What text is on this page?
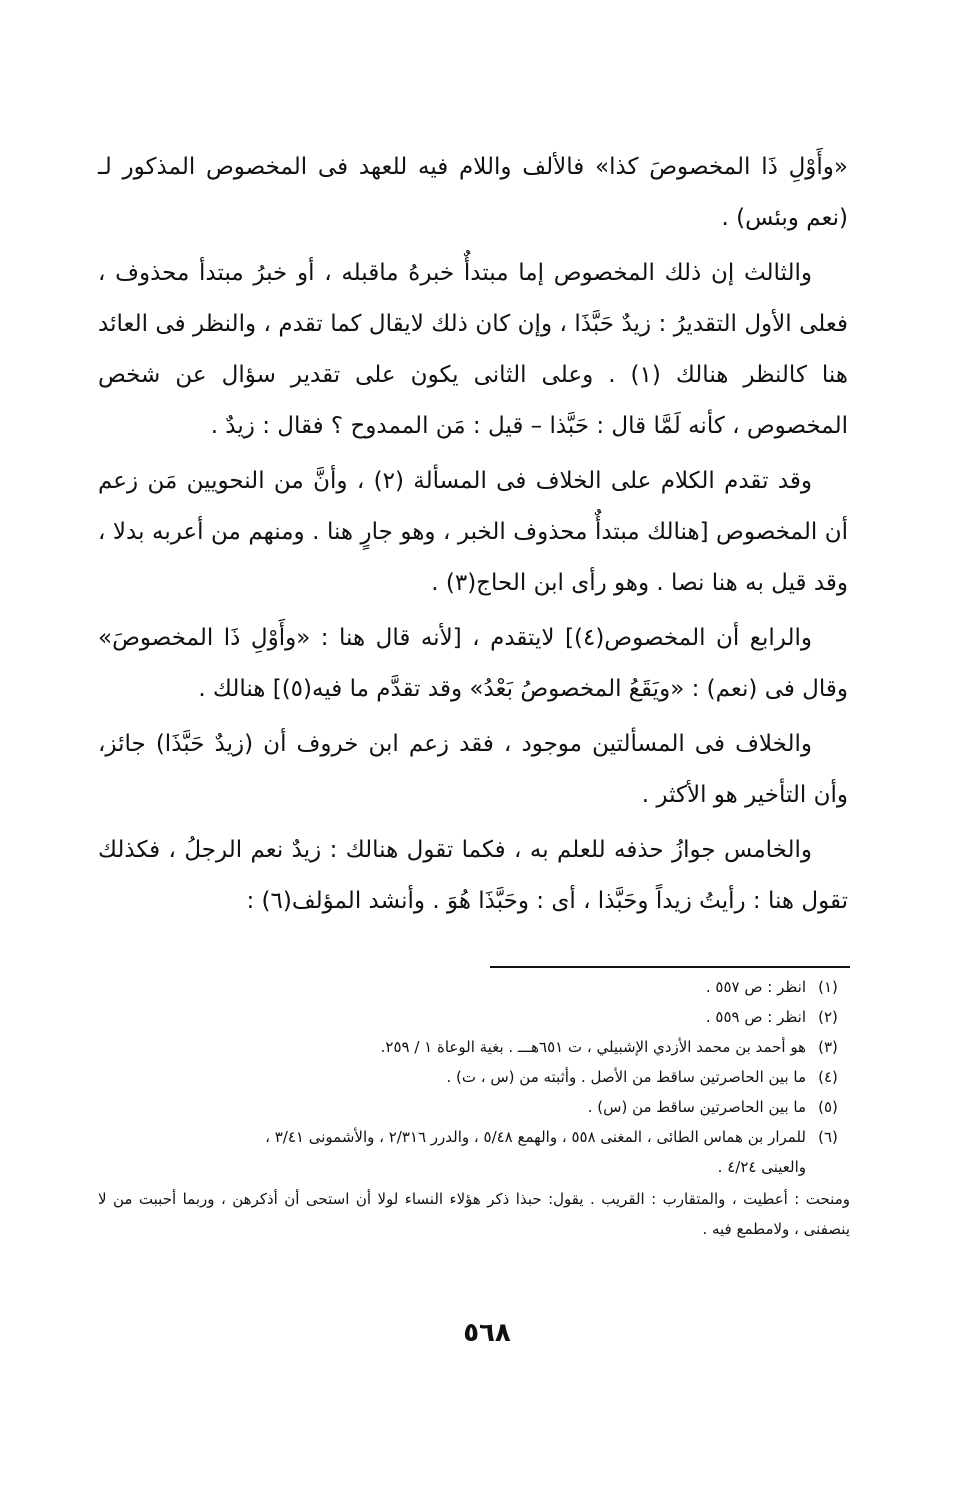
«وأَوْلِ ذَا المخصوصَ كذا» فالألف واللام فيه للعهد فى المخصوص المذكور لـ (نعم وبئس) .

والثالث إن ذلك المخصوص إما مبتدأٌ خبرهُ ماقبله ، أو خبرُ مبتدأ محذوف ، فعلى الأول التقديرُ : زيدٌ حَبَّذَا ، وإن كان ذلك لايقال كما تقدم ، والنظر فى العائد هنا كالنظر هنالك (١) . وعلى الثانى يكون على تقدير سؤال عن شخص المخصوص ، كأنه لَمَّا قال : حَبَّذا – قيل : مَن الممدوح ؟ فقال : زيدٌ .

وقد تقدم الكلام على الخلاف فى المسألة (٢) ، وأنَّ من النحويين مَن زعم أن المخصوص [هنالك مبتدأٌ محذوف الخبر ، وهو جارٍ هنا . ومنهم من أعربه بدلا ، وقد قيل به هنا نصا . وهو رأى ابن الحاج(٣) .

والرابع أن المخصوص(٤)] لايتقدم ، [لأنه قال هنا : «وأَوْلِ ذَا المخصوصَ» وقال فى (نعم) : «ويَقَعُ المخصوصُ بَعْدُ» وقد تقدَّم ما فيه(٥)] هنالك .

والخلاف فى المسألتين موجود ، فقد زعم ابن خروف أن (زيدٌ حَبَّذَا) جائز، وأن التأخير هو الأكثر .

والخامس جوازُ حذفه للعلم به ، فكما تقول هنالك : زيدٌ نعم الرجلُ ، فكذلك تقول هنا : رأيتُ زيداً وحَبَّذا ، أى : وحَبَّذَا هُوَ . وأنشد المؤلف(٦) :

(١)
انظر : ص ٥٥٧ .
(٢)
انظر : ص ٥٥٩ .
(٣)
هو أحمد بن محمد الأزدي الإشبيلي ، ت ٦٥١هـــ . بغية الوعاة ١ / ٢٥٩.
(٤)
ما بين الحاصرتين ساقط من الأصل . وأثبته من (س ، ت) .
(٥)
ما بين الحاصرتين ساقط من (س) .
(٦)
للمرار بن هماس الطائى ، المغنى ٥٥٨ ، والهمع ٥/٤٨ ، والدرر ٢/٣١٦ ، والأشمونى ٣/٤١ ،
والعينى ٤/٢٤ .
ومنحت : أعطيت ، والمتقارب : القريب . يقول: حبذا ذكر هؤلاء النساء لولا أن استحى أن أذكرهن ، وربما أحببت من لا ينصفنى ، ولامطمع فيه .
٥٦٨
